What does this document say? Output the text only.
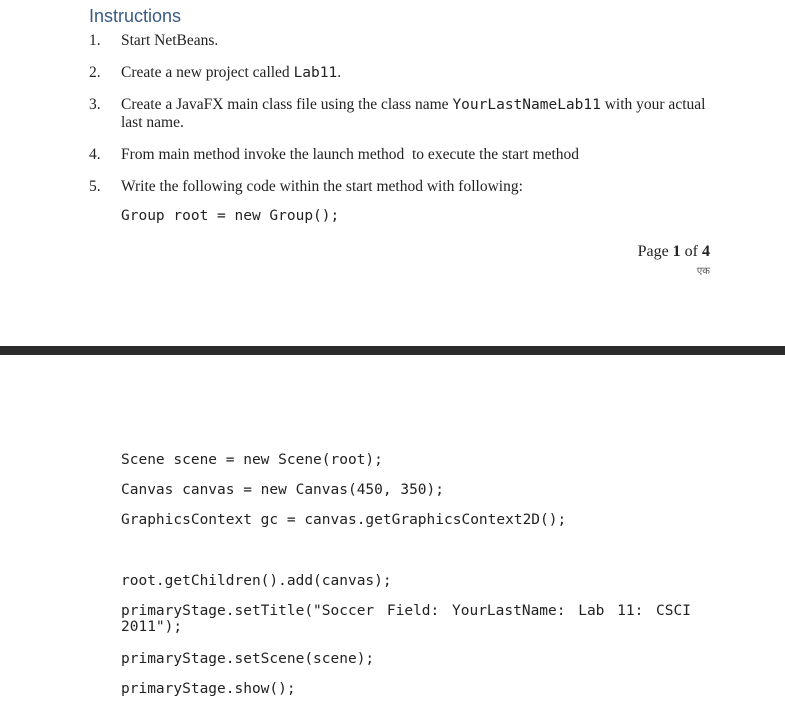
Instructions
1.	Start NetBeans.
2.	Create a new project called Lab11.
3.	Create a JavaFX main class file using the class name YourLastNameLab11 with your actual last name.
4.	From main method invoke the launch method  to execute the start method
5.	Write the following code within the start method with following:
Group root = new Group();
Page 1 of 4
एक
Scene scene = new Scene(root);
Canvas canvas = new Canvas(450, 350);
GraphicsContext gc = canvas.getGraphicsContext2D();
root.getChildren().add(canvas);
primaryStage.setTitle("Soccer Field: YourLastName: Lab 11: CSCI 2011");
primaryStage.setScene(scene);
primaryStage.show();
